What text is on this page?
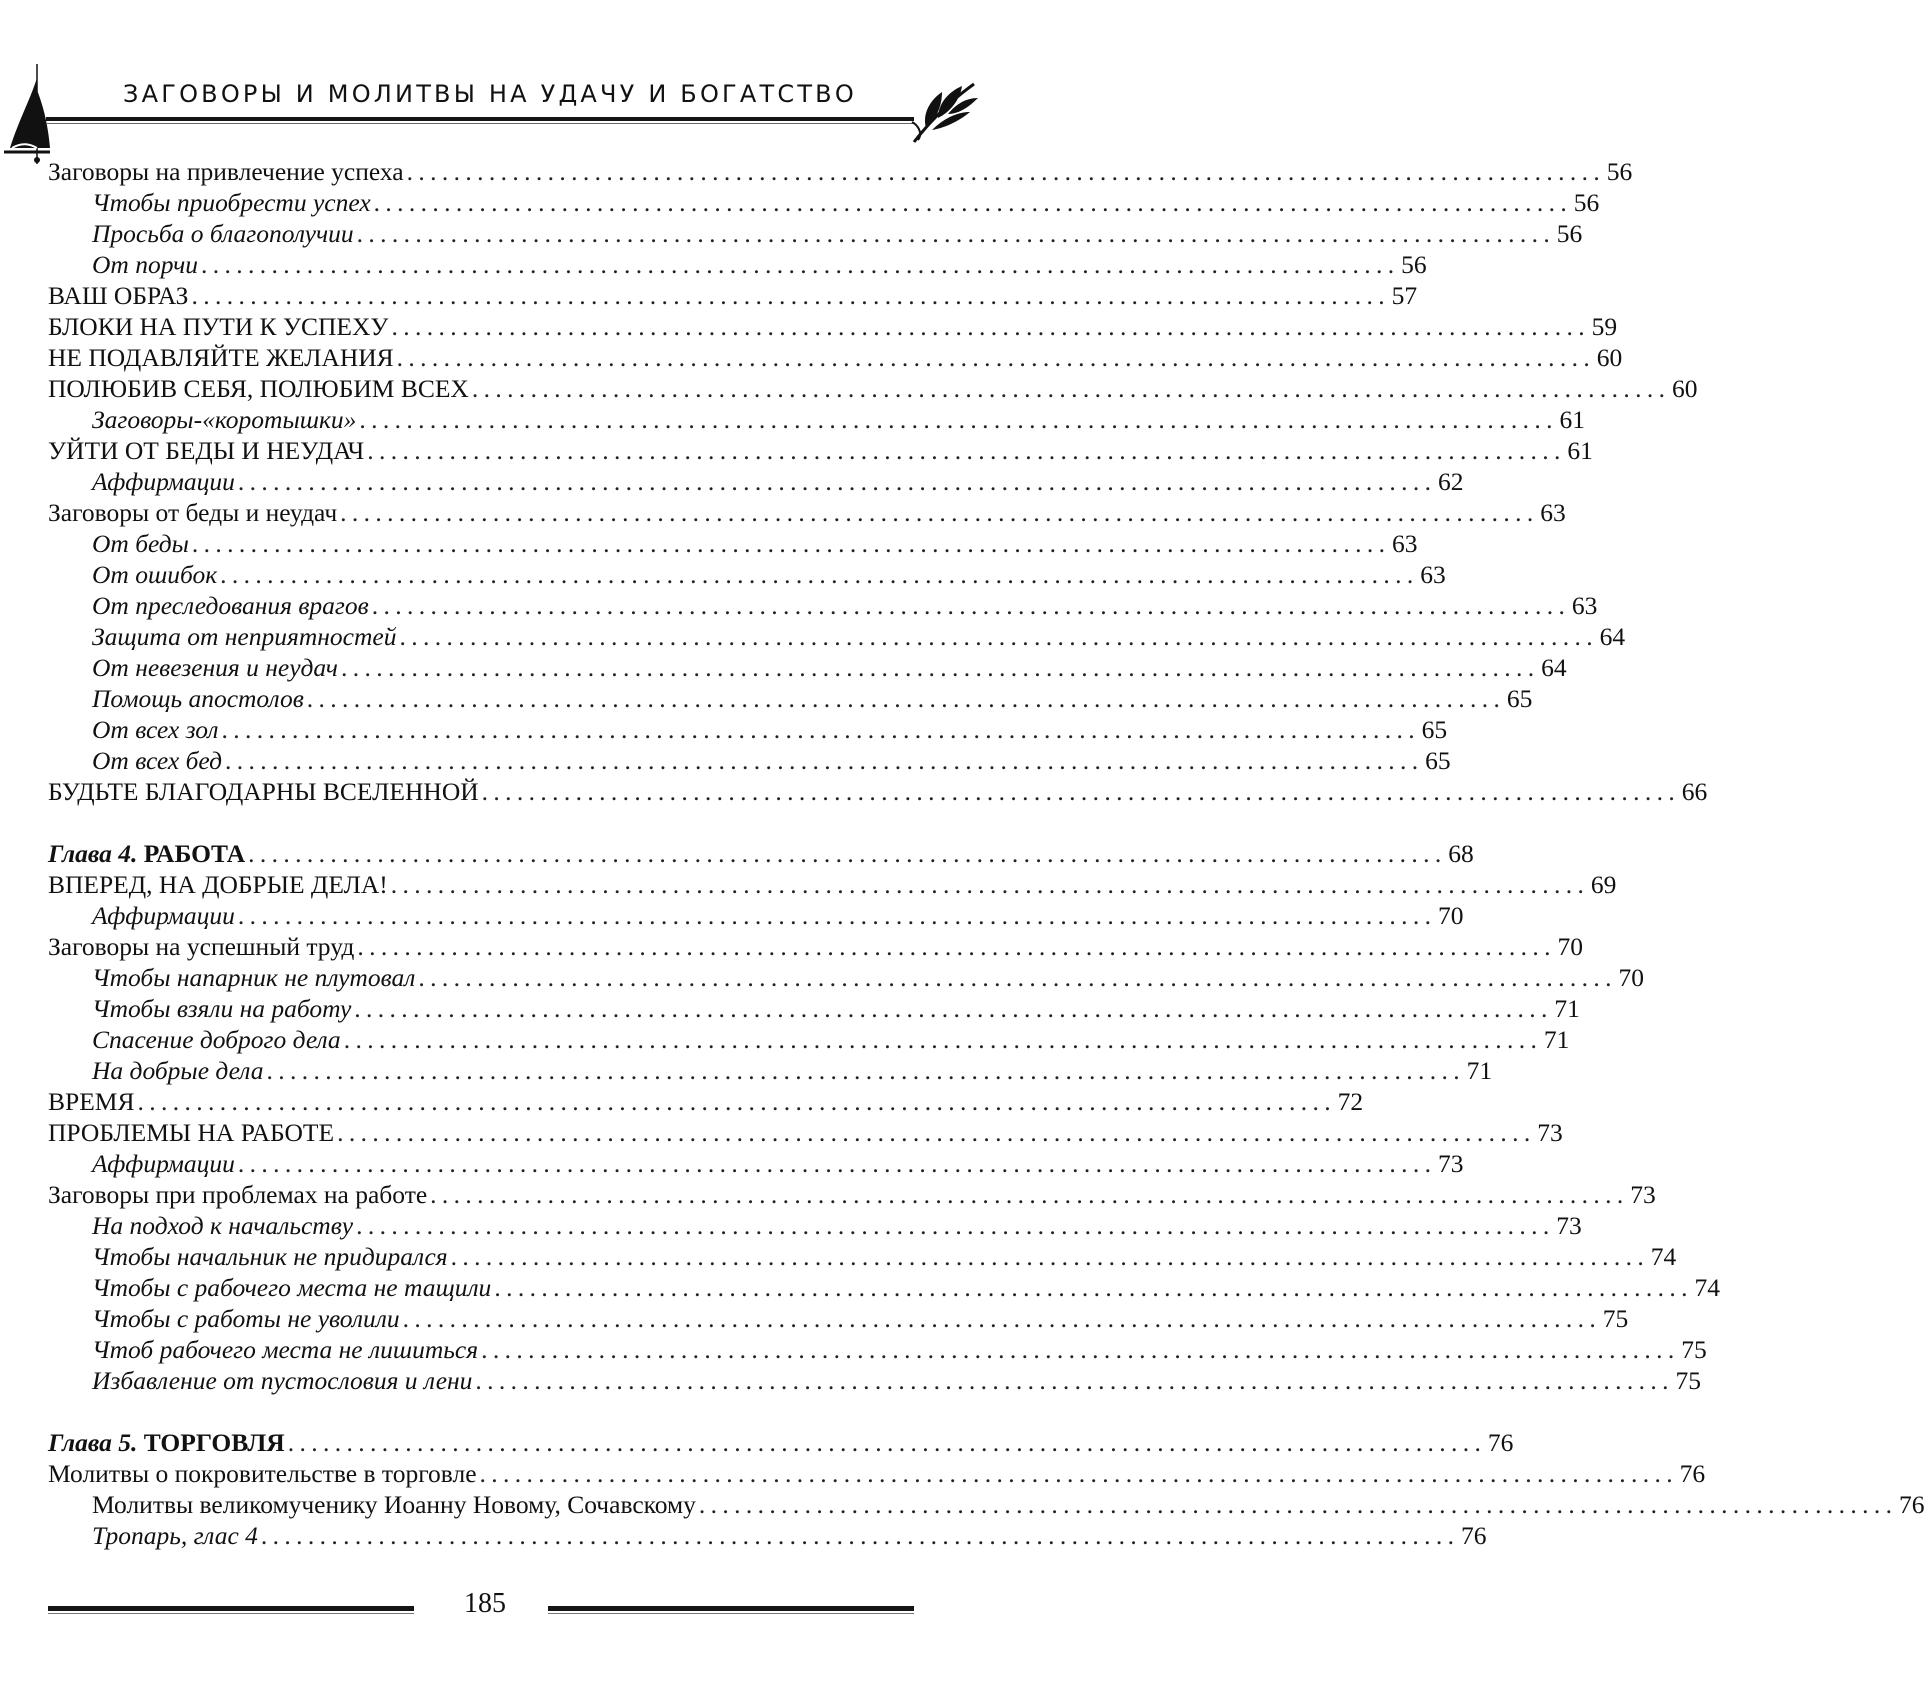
ЗАГОВОРЫ И МОЛИТВЫ НА УДАЧУ И БОГАТСТВО
Заговоры на привлечение успеха . . .	56
Чтобы приобрести успех . . .	56
Просьба о благополучии . . .	56
От порчи . . .	56
ВАШ ОБРАЗ . . .	57
БЛОКИ НА ПУТИ К УСПЕХУ . . .	59
НЕ ПОДАВЛЯЙТЕ ЖЕЛАНИЯ . . .	60
ПОЛЮБИВ СЕБЯ, ПОЛЮБИМ ВСЕХ . . .	60
Заговоры-«коротышки» . . .	61
УЙТИ ОТ БЕДЫ И НЕУДАЧ . . .	61
Аффирмации . . .	62
Заговоры от беды и неудач . . .	63
От беды . . .	63
От ошибок . . .	63
От преследования врагов . . .	63
Защита от неприятностей . . .	64
От невезения и неудач . . .	64
Помощь апостолов . . .	65
От всех зол . . .	65
От всех бед . . .	65
БУДЬТЕ БЛАГОДАРНЫ ВСЕЛЕННОЙ . . .	66
Глава 4. РАБОТА . . .	68
ВПЕРЕД, НА ДОБРЫЕ ДЕЛА! . . .	69
Аффирмации . . .	70
Заговоры на успешный труд . . .	70
Чтобы напарник не плутовал . . .	70
Чтобы взяли на работу . . .	71
Спасение доброго дела . . .	71
На добрые дела . . .	71
ВРЕМЯ . . .	72
ПРОБЛЕМЫ НА РАБОТЕ . . .	73
Аффирмации . . .	73
Заговоры при проблемах на работе . . .	73
На подход к начальству . . .	73
Чтобы начальник не придирался . . .	74
Чтобы с рабочего места не тащили . . .	74
Чтобы с работы не уволили . . .	75
Чтоб рабочего места не лишиться . . .	75
Избавление от пустословия и лени . . .	75
Глава 5. ТОРГОВЛЯ . . .	76
Молитвы о покровительстве в торговле . . .	76
Молитвы великомученику Иоанну Новому, Сочавскому . . .	76
Тропарь, глас 4 . . .	76
185
